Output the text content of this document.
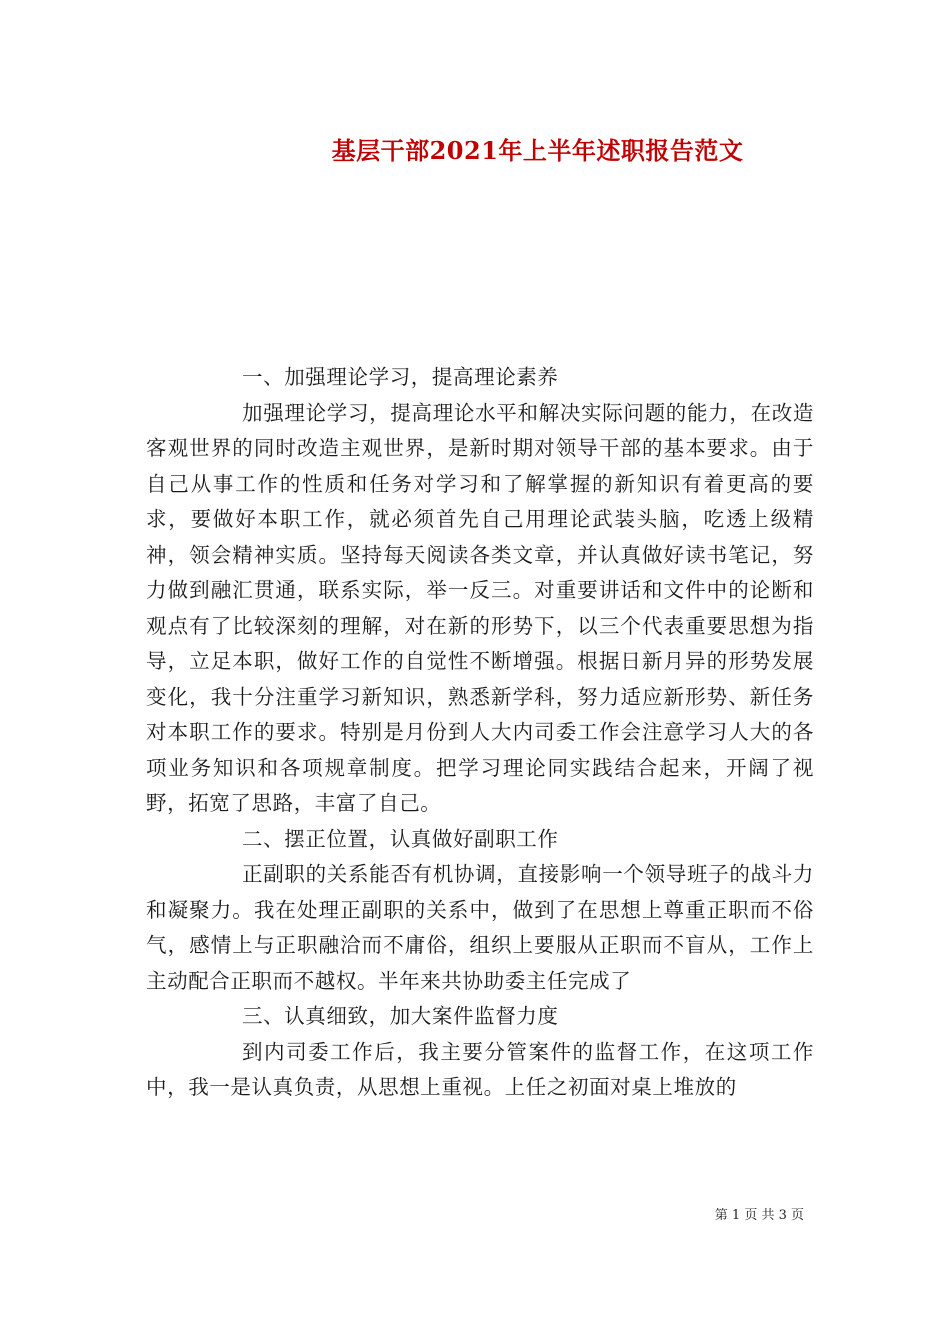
基层干部2021年上半年述职报告范文

一、加强理论学习，提高理论素养

加强理论学习，提高理论水平和解决实际问题的能力，在改造客观世界的同时改造主观世界，是新时期对领导干部的基本要求。由于自己从事工作的性质和任务对学习和了解掌握的新知识有着更高的要求，要做好本职工作，就必须首先自己用理论武装头脑，吃透上级精神，领会精神实质。坚持每天阅读各类文章，并认真做好读书笔记，努力做到融汇贯通，联系实际，举一反三。对重要讲话和文件中的论断和观点有了比较深刻的理解，对在新的形势下，以三个代表重要思想为指导，立足本职，做好工作的自觉性不断增强。根据日新月异的形势发展变化，我十分注重学习新知识，熟悉新学科，努力适应新形势、新任务对本职工作的要求。特别是月份到人大内司委工作会注意学习人大的各项业务知识和各项规章制度。把学习理论同实践结合起来，开阔了视野，拓宽了思路，丰富了自己。

二、摆正位置，认真做好副职工作

正副职的关系能否有机协调，直接影响一个领导班子的战斗力和凝聚力。我在处理正副职的关系中，做到了在思想上尊重正职而不俗气，感情上与正职融洽而不庸俗，组织上要服从正职而不盲从，工作上主动配合正职而不越权。半年来共协助委主任完成了

三、认真细致，加大案件监督力度

到内司委工作后，我主要分管案件的监督工作，在这项工作中，我一是认真负责，从思想上重视。上任之初面对桌上堆放的

第 1 页 共 3 页
